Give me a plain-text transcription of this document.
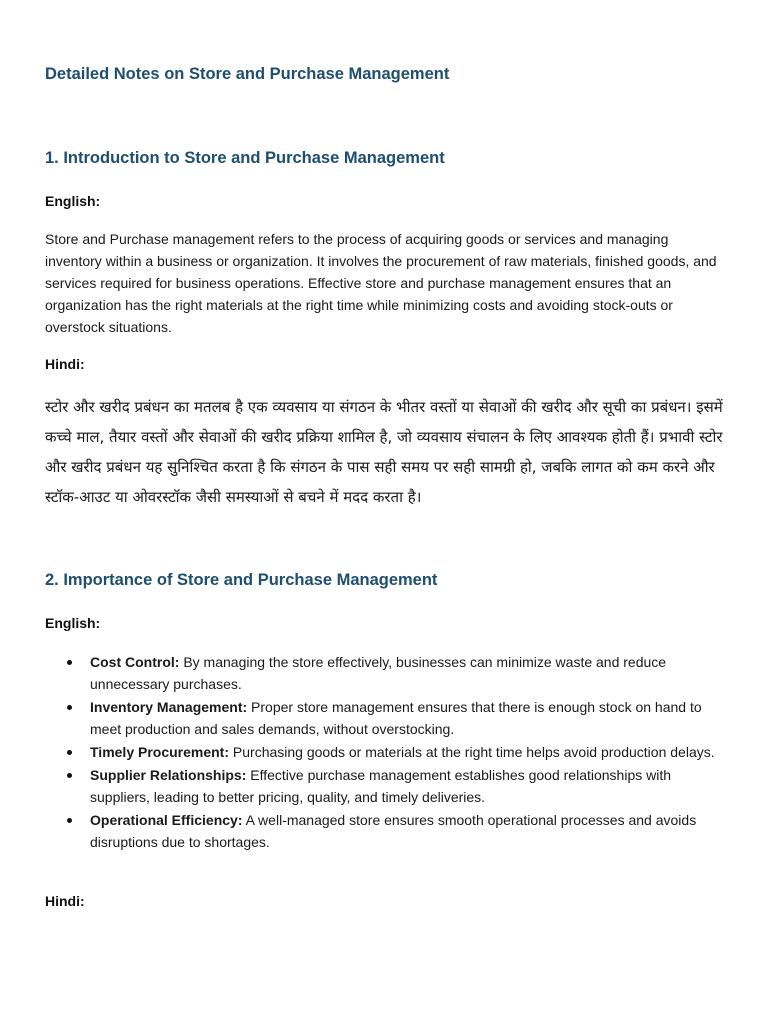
Detailed Notes on Store and Purchase Management
1. Introduction to Store and Purchase Management

English:

Store and Purchase management refers to the process of acquiring goods or services and managing inventory within a business or organization. It involves the procurement of raw materials, finished goods, and services required for business operations. Effective store and purchase management ensures that an organization has the right materials at the right time while minimizing costs and avoiding stock-outs or overstock situations.

Hindi:

स्टोर और खरीद प्रबंधन का मतलब है एक व्यवसाय या संगठन के भीतर वस्तों या सेवाओं की खरीद और सूची का प्रबंधन। इसमें कच्चे माल, तैयार वस्तों और सेवाओं की खरीद प्रक्रिया शामिल है, जो व्यवसाय संचालन के लिए आवश्यक होती हैं। प्रभावी स्टोर और खरीद प्रबंधन यह सुनिश्चित करता है कि संगठन के पास सही समय पर सही सामग्री हो, जबकि लागत को कम करने और स्टॉक-आउट या ओवरस्टॉक जैसी समस्याओं से बचने में मदद करता है।

2. Importance of Store and Purchase Management

English:

Cost Control: By managing the store effectively, businesses can minimize waste and reduce unnecessary purchases.
Inventory Management: Proper store management ensures that there is enough stock on hand to meet production and sales demands, without overstocking.
Timely Procurement: Purchasing goods or materials at the right time helps avoid production delays.
Supplier Relationships: Effective purchase management establishes good relationships with suppliers, leading to better pricing, quality, and timely deliveries.
Operational Efficiency: A well-managed store ensures smooth operational processes and avoids disruptions due to shortages.

Hindi:
